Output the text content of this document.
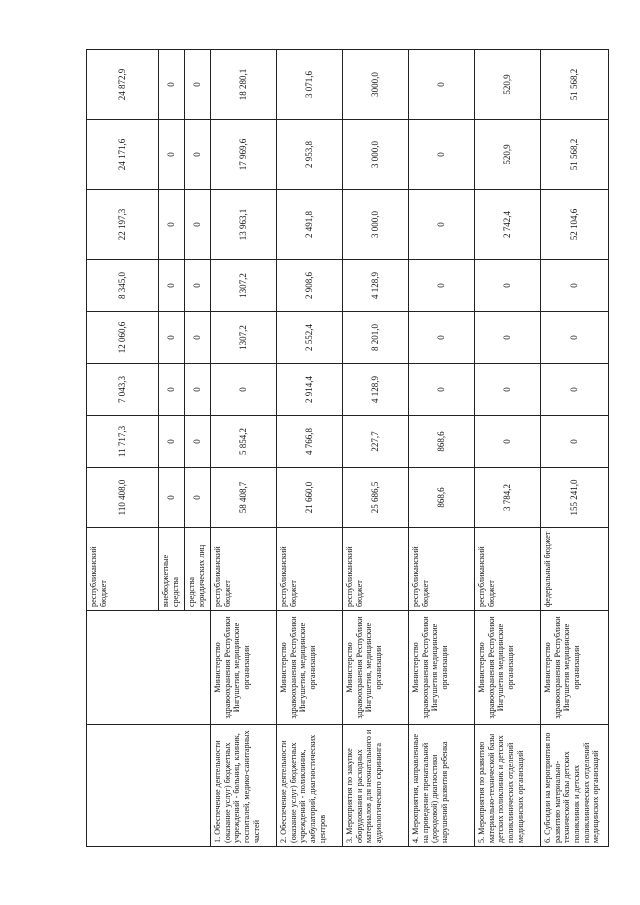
		республиканский бюджет	110 408,0	11 717,3	7 043,3	12 060,6	8 345,0	22 197,3	24 171,6	24 872,9
		внебюджетные средства	0	0	0	0	0	0	0	0
		средства юридических лиц	0	0	0	0	0	0	0	0
1. Обеспечение деятельности (оказание услуг) бюджетных учреждений - больниц, клиник, госпиталей, медико-санитарных частей	Министерство здравоохранения Республики Ингушетия, медицинские организации	республиканский бюджет	58 408,7	5 854,2	0	1307,2	1307,2	13 963,1	17 969,6	18 280,1
2. Обеспечение деятельности (оказание услуг) бюджетных учреждений - поликлиник, амбулаторий, диагностических центров	Министерство здравоохранения Республики Ингушетия, медицинские организации	республиканский бюджет	21 660,0	4 766,8	2 914,4	2 552,4	2 908,6	2 491,8	2 953,8	3 071,6
3. Мероприятия по закупке оборудования и расходных материалов для неонатального и аудиологического скрининга	Министерство здравоохранения Республики Ингушетия, медицинские организации	республиканский бюджет	25 686,5	227,7	4 128,9	8 201,0	4 128,9	3 000,0	3 000,0	3000,0
4. Мероприятия, направленные на проведение пренатальной (дородовой) диагностики нарушений развития ребенка	Министерство здравоохранения Республики Ингушетия медицинские организации	республиканский бюджет	868,6	868,6	0	0	0	0	0	0
5. Мероприятия по развитию материально-технической базы детских поликлиник и детских поликлинических отделений медицинских организаций	Министерство здравоохранения Республики Ингушетия медицинские организации	республиканский бюджет	3 784,2	0	0	0	0	2 742,4	520,9	520,9
6. Субсидии на мероприятия по развитию материально-технической базы детских поликлиник и детских поликлинических отделений медицинских организаций	Министерство здравоохранения Республики Ингушетия медицинские организации	федеральный бюджет	155 241,0	0	0	0	0	52 104,6	51 568,2	51 568,2
